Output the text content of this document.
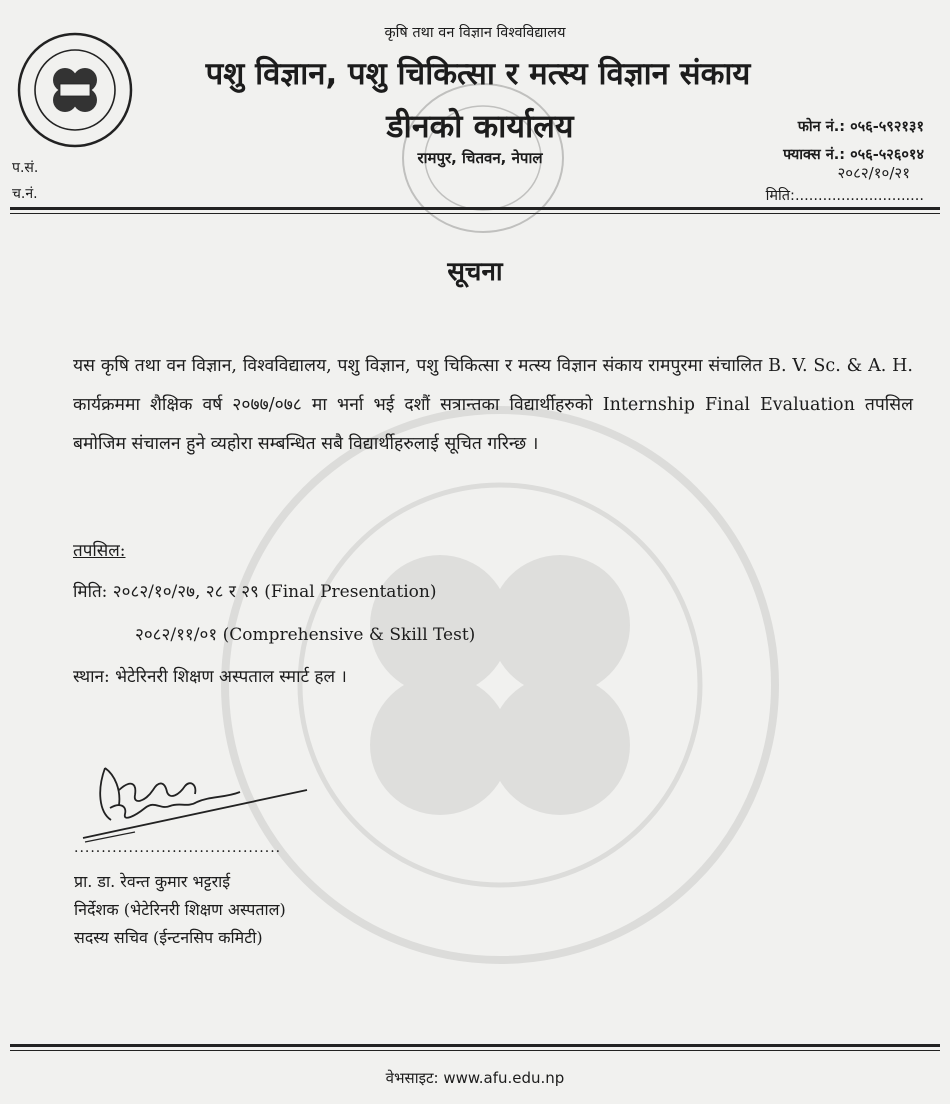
कृषि तथा वन विज्ञान विश्वविद्यालय
पशु विज्ञान, पशु चिकित्सा र मत्स्य विज्ञान संकाय
डीनको कार्यालय
रामपुर, चितवन, नेपाल
फोन नं.: ०५६-५९२१३१
फ्याक्स नं.: ०५६-५२६०१४
२०८२/१०/२१
मिति:............................
प.सं.
च.नं.
सूचना
यस कृषि तथा वन विज्ञान, विश्वविद्यालय, पशु विज्ञान, पशु चिकित्सा र मत्स्य विज्ञान संकाय रामपुरमा संचालित B. V. Sc. & A. H. कार्यक्रममा शैक्षिक वर्ष २०७७/०७८ मा भर्ना भई दशौं सत्रान्तका विद्यार्थीहरुको Internship Final Evaluation तपसिल बमोजिम संचालन हुने व्यहोरा सम्बन्धित सबै विद्यार्थीहरुलाई सूचित गरिन्छ ।
तपसिल:
मिति: २०८२/१०/२७, २८ र २९ (Final Presentation)
२०८२/११/०१ (Comprehensive & Skill Test)
स्थान: भेटेरिनरी शिक्षण अस्पताल स्मार्ट हल ।
......................................
प्रा. डा. रेवन्त कुमार भट्टराई
निर्देशक (भेटेरिनरी शिक्षण अस्पताल)
सदस्य सचिव (ईन्टनसिप कमिटी)
वेभसाइट: www.afu.edu.np
